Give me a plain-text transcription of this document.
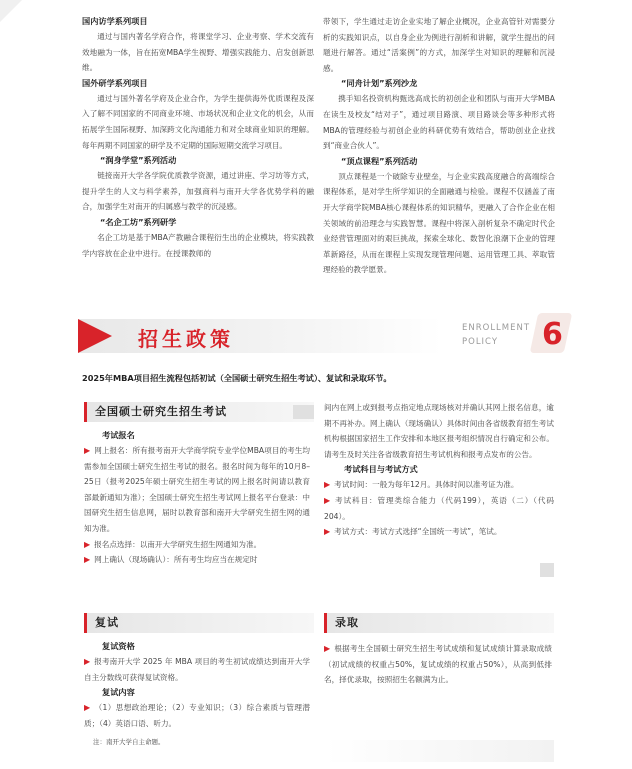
国内访学系列项目

通过与国内著名学府合作，将课堂学习、企业考察、学术交流有效地融为一体，旨在拓宽MBA学生视野、增强实践能力、启发创新思维。

国外研学系列项目

通过与国外著名学府及企业合作，为学生提供海外优质课程及深入了解不同国家的不同商业环境、市场状况和企业文化的机会，从而拓展学生国际视野、加深跨文化沟通能力和对全球商业知识的理解。每年两期不同国家的研学及不定期的国际短期交流学习项目。

“润身学堂”系列活动

链接南开大学各学院优质教学资源，通过讲座、学习坊等方式，提升学生的人文与科学素养，加强商科与南开大学各优势学科的融合，加强学生对南开的归属感与教学的沉浸感。

“名企工坊”系列研学

名企工坊是基于MBA产教融合课程衍生出的企业模块，将实践教学内容放在企业中进行。在授课教师的

带领下，学生通过走访企业实地了解企业概况，企业高管针对需要分析的实践知识点，以自身企业为例进行剖析和讲解，就学生提出的问题进行解答。通过“活案例”的方式，加深学生对知识的理解和沉浸感。

“同舟计划”系列沙龙

携手知名投资机构甄选高成长的初创企业和团队与南开大学MBA在读生及校友“结对子”，通过项目路演、项目路谈会等多种形式将MBA的管理经验与初创企业的科研优势有效结合，帮助创业企业找到“商业合伙人”。

“顶点课程”系列活动

顶点课程是一个破除专业壁垒，与企业实践高度融合的高端综合课程体系，是对学生所学知识的全面融通与检验。课程不仅涵盖了南开大学商学院MBA核心课程体系的知识精华，更融入了合作企业在相关领域的前沿理念与实践智慧。课程中将深入剖析复杂不确定时代企业经营管理面对的艰巨挑战，探索全球化、数智化浪潮下企业的管理革新路径，从而在课程上实现发现管理问题、运用管理工具、萃取管理经验的教学愿景。

招生政策	ENROLLMENT
POLICY	6
2025年MBA项目招生流程包括初试（全国硕士研究生招生考试）、复试和录取环节。
全国硕士研究生招生考试

考试报名

▶ 网上报名：所有报考南开大学商学院专业学位MBA项目的考生均需参加全国硕士研究生招生考试的报名。报名时间为每年的10月8–25日（报考2025年硕士研究生招生考试的网上报名时间请以教育部最新通知为准）；全国硕士研究生招生考试网上报名平台登录：中国研究生招生信息网，届时以教育部和南开大学研究生招生网的通知为准。

▶ 报名点选择：以南开大学研究生招生网通知为准。

▶ 网上确认（现场确认）：所有考生均应当在规定时

间内在网上或到报考点指定地点现场核对并确认其网上报名信息，逾期不再补办。网上确认（现场确认）具体时间由各省级教育招生考试机构根据国家招生工作安排和本地区报考组织情况自行确定和公布。请考生及时关注各省级教育招生考试机构和报考点发布的公告。

考试科目与考试方式

▶ 考试时间：一般为每年12月。具体时间以准考证为准。

▶ 考试科目：管理类综合能力（代码199），英语（二）（代码204）。

▶ 考试方式：考试方式选择“全国统一考试”，笔试。

复试

复试资格

▶ 报考南开大学 2025 年 MBA 项目的考生初试成绩达到南开大学自主分数线可获得复试资格。

复试内容

▶ （1）思想政治理论；（2）专业知识；（3）综合素质与管理潜质；（4）英语口语、听力。

注：南开大学自主命题。
录取

▶ 根据考生全国硕士研究生招生考试成绩和复试成绩计算录取成绩（初试成绩的权重占50%，复试成绩的权重占50%），从高到低排名，择优录取，按照招生名额满为止。
